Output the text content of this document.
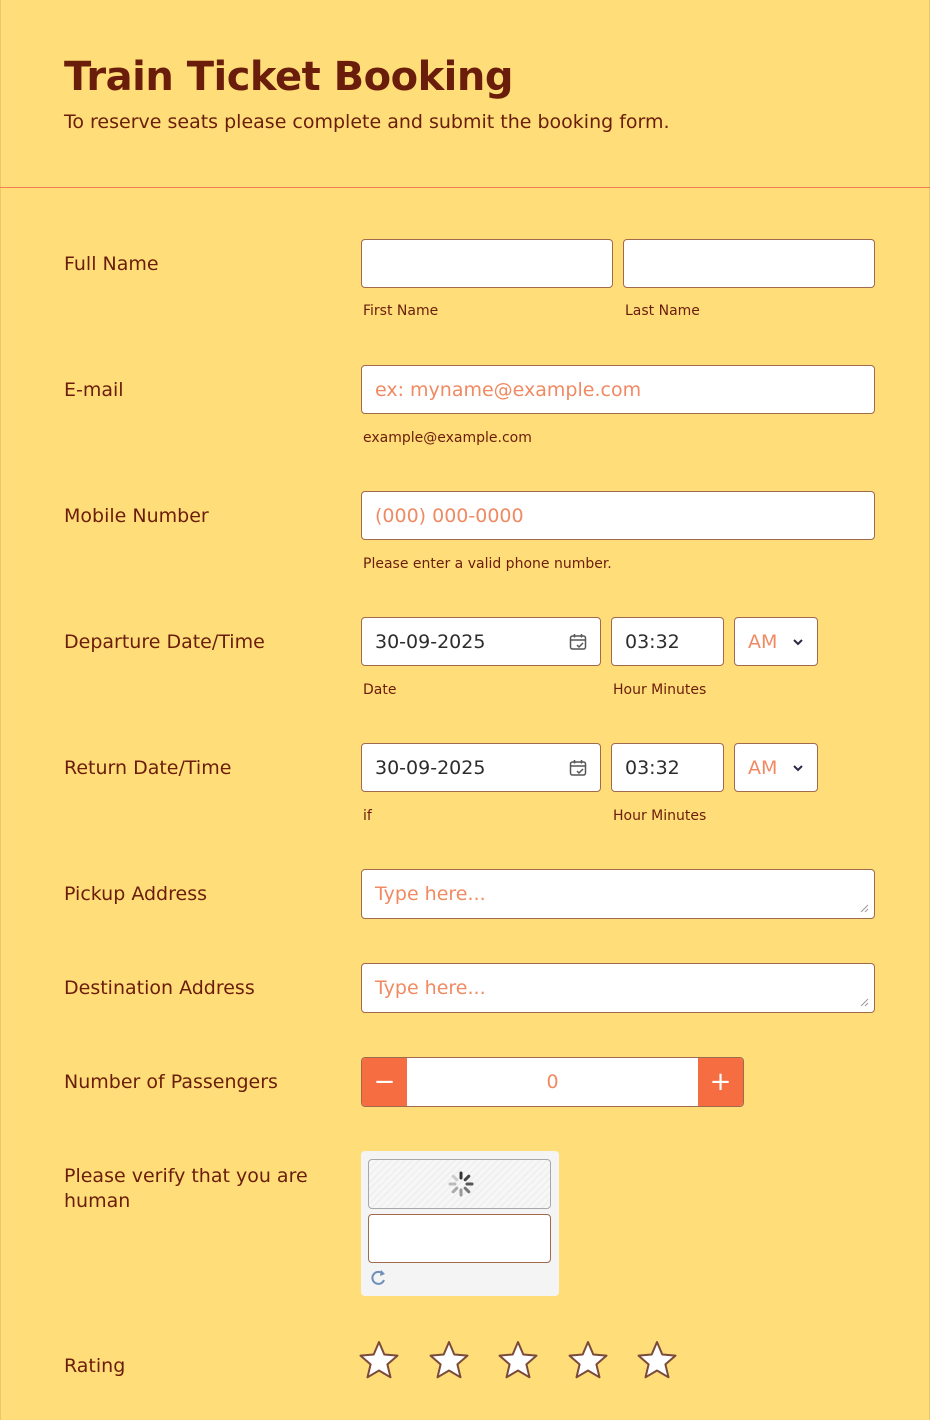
Train Ticket Booking

To reserve seats please complete and submit the booking form.

Full Name
First Name	Last Name
E-mail	ex: myname@example.com
example@example.com
Mobile Number	(000) 000-0000
Please enter a valid phone number.
Departure Date/Time	30-09-2025	03:32	AM
Date	Hour Minutes
Return Date/Time	30-09-2025	03:32	AM
if	Hour Minutes
Pickup Address	Type here...
Destination Address	Type here...
Number of Passengers	−	0	+
Please verify that you are human
Rating
